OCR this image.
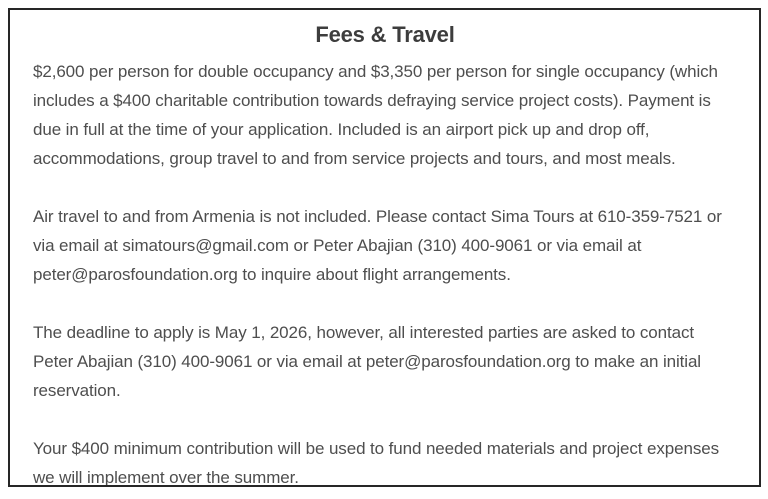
Fees & Travel

$2,600 per person for double occupancy and $3,350 per person for single occupancy (which includes a $400 charitable contribution towards defraying service project costs). Payment is due in full at the time of your application. Included is an airport pick up and drop off, accommodations, group travel to and from service projects and tours, and most meals.

Air travel to and from Armenia is not included. Please contact Sima Tours at 610-359-7521 or via email at simatours@gmail.com or Peter Abajian (310) 400-9061 or via email at peter@parosfoundation.org to inquire about flight arrangements.

The deadline to apply is May 1, 2026, however, all interested parties are asked to contact Peter Abajian (310) 400-9061 or via email at peter@parosfoundation.org to make an initial reservation.

Your $400 minimum contribution will be used to fund needed materials and project expenses we will implement over the summer.
